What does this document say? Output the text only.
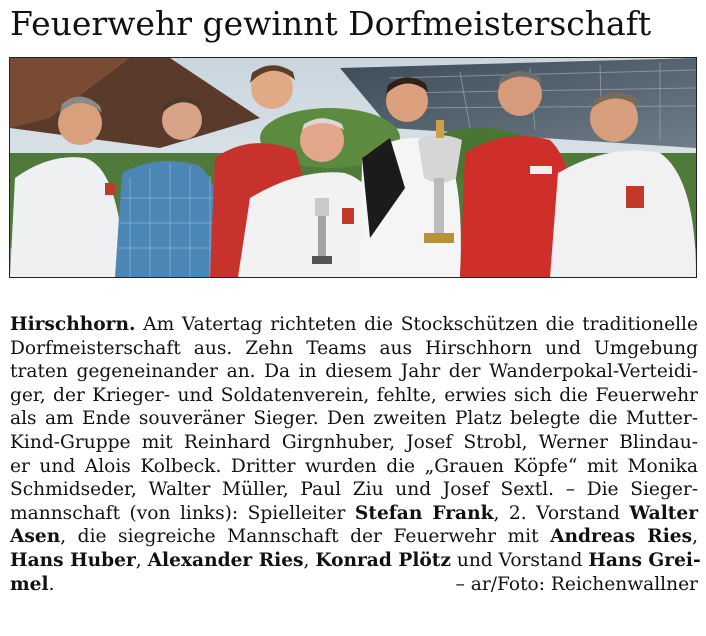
Feuerwehr gewinnt Dorfmeisterschaft
Hirschhorn. Am Vatertag richteten die Stockschützen die traditionelle
Dorfmeisterschaft aus. Zehn Teams aus Hirschhorn und Umgebung
traten gegeneinander an. Da in diesem Jahr der Wanderpokal-Verteidi-
ger, der Krieger- und Soldatenverein, fehlte, erwies sich die Feuerwehr
als am Ende souveräner Sieger. Den zweiten Platz belegte die Mutter-
Kind-Gruppe mit Reinhard Girgnhuber, Josef Strobl, Werner Blindau-
er und Alois Kolbeck. Dritter wurden die „Grauen Köpfe“ mit Monika
Schmidseder, Walter Müller, Paul Ziu und Josef Sextl. – Die Sieger-
mannschaft (von links): Spielleiter Stefan Frank, 2. Vorstand Walter
Asen, die siegreiche Mannschaft der Feuerwehr mit Andreas Ries,
Hans Huber, Alexander Ries, Konrad Plötz und Vorstand Hans Grei-
mel.	– ar/Foto: Reichenwallner
